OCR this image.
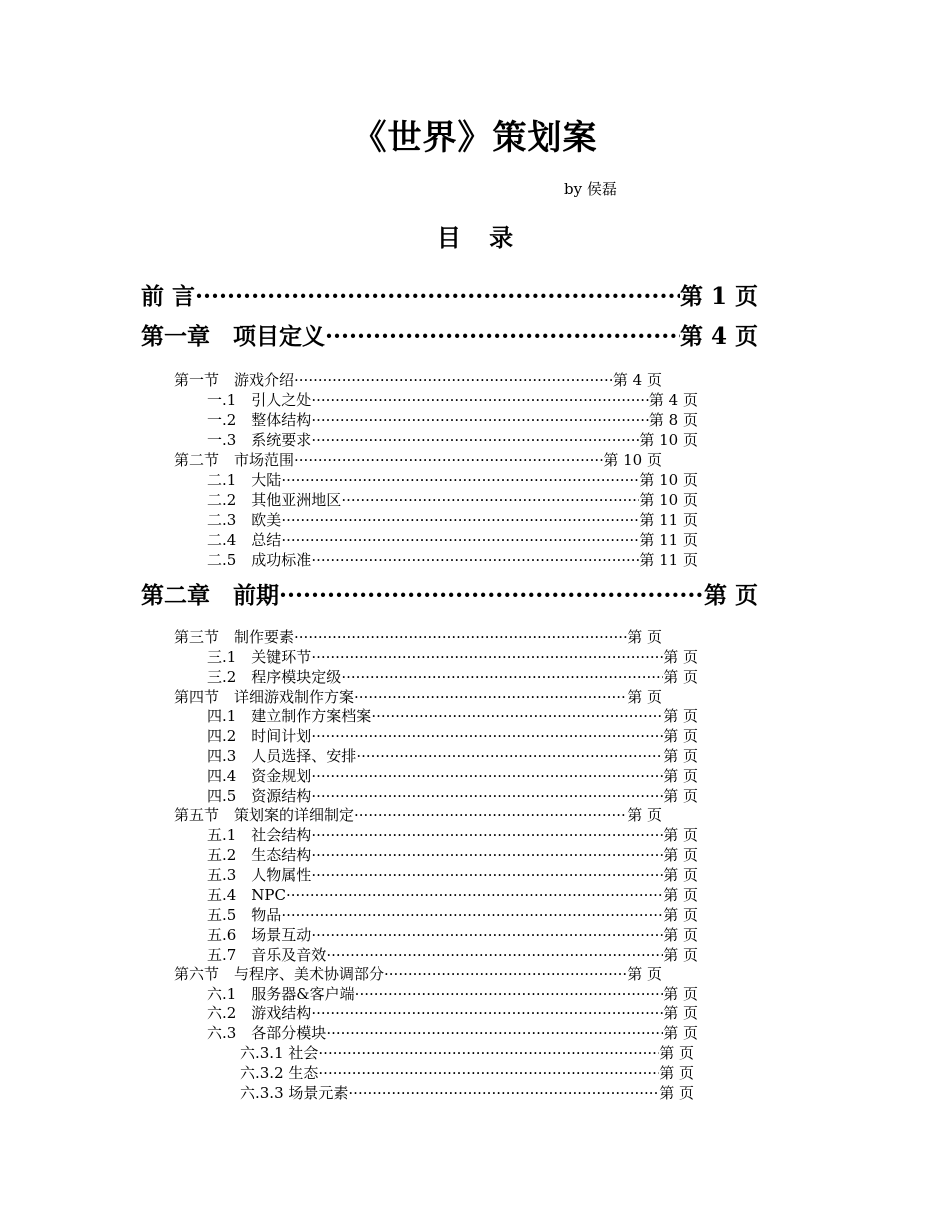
《世界》策划案
by 侯磊
目 录
前 言 ·····	第 1 页
第一章　项目定义 ·····	第 4 页
第一节　游戏介绍 ·····	第 4 页
一.1　引人之处 ·····	第 4 页
一.2　整体结构 ·····	第 8 页
一.3　系统要求 ·····	第 10 页
第二节　市场范围 ·····	第 10 页
二.1　大陆 ·····	第 10 页
二.2　其他亚洲地区 ·····	第 10 页
二.3　欧美 ·····	第 11 页
二.4　总结 ·····	第 11 页
二.5　成功标准 ·····	第 11 页
第二章　前期 ·····	第 页
第三节　制作要素 ·····	第 页
三.1　关键环节 ·····	第 页
三.2　程序模块定级 ·····	第 页
第四节　详细游戏制作方案 ·····	第 页
四.1　建立制作方案档案 ·····	第 页
四.2　时间计划 ·····	第 页
四.3　人员选择、安排 ·····	第 页
四.4　资金规划 ·····	第 页
四.5　资源结构 ·····	第 页
第五节　策划案的详细制定 ·····	第 页
五.1　社会结构 ·····	第 页
五.2　生态结构 ·····	第 页
五.3　人物属性 ·····	第 页
五.4　NPC ·····	第 页
五.5　物品 ·····	第 页
五.6　场景互动 ·····	第 页
五.7　音乐及音效 ·····	第 页
第六节　与程序、美术协调部分 ·····	第 页
六.1　服务器&客户端 ·····	第 页
六.2　游戏结构 ·····	第 页
六.3　各部分模块 ·····	第 页
六.3.1 社会 ·····	第 页
六.3.2 生态 ·····	第 页
六.3.3 场景元素 ·····	第 页
